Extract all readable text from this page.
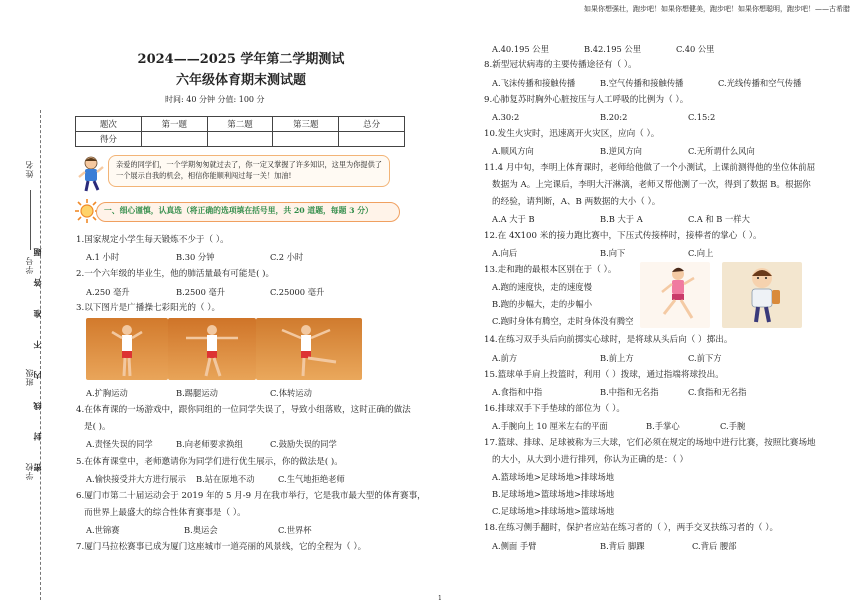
如果你想强壮，跑步吧！如果你想健美，跑步吧！如果你想聪明，跑步吧！——古希腊
姓名
学号
班级
学校
密 封 线 内 不 准 答 题
2024——2025 学年第二学期测试
六年级体育期末测试题
时间: 40 分钟 分值: 100 分
题次	第一题	第二题	第三题	总分
得分				
亲爱的同学们，一个学期匆匆就过去了，你一定又掌握了许多知识，这里为你提供了一个展示自我的机会，相信你能顺利闯过每一关！加油!
一、细心谨慎，认真选（将正确的选项填在括号里，共 20 道题，每题 3 分）
1.国家规定小学生每天锻炼不少于（ ）。
A.1 小时	B.30 分钟	C.2 小时
2.一个六年级的毕业生，他的肺活量最有可能是( )。
A.250 毫升	B.2500 毫升	C.25000 毫升
3.以下图片是广播操七彩阳光的（ ）。
A.扩胸运动	B.踢腿运动	C.体转运动
4.在体育课的一场游戏中，跟你同组的一位同学失误了，导致小组落败，这时正确的做法
是( )。
A.责怪失误的同学	B.向老师要求换组	C.鼓励失误的同学
5.在体育课堂中，老师邀请你为同学们进行优生展示，你的做法是( )。
A.愉快接受并大方进行展示 B.站在原地不动	C.生气地拒绝老师
6.厦门市第二十届运动会于 2019 年的 5 月-9 月在我市举行，它是我市最大型的体育赛事，
而世界上最盛大的综合性体育赛事是（ ）。
A.世锦赛	B.奥运会	C.世界杯
7.厦门马拉松赛事已成为厦门这座城市一道亮丽的风景线，它的全程为（ ）。
A.40.195 公里	B.42.195 公里	C.40 公里
8.新型冠状病毒的主要传播途径有（ ）。
A.飞沫传播和接触传播	B.空气传播和接触传播	C.光线传播和空气传播
9.心肺复苏时胸外心脏按压与人工呼吸的比例为（ ）。
A.30:2	B.20:2	C.15:2
10.发生火灾时，迅速离开火灾区，应向（ ）。
A.顺风方向	B.逆风方向	C.无所谓什么风向
11.4 月中旬，李明上体育课时，老师给他做了一个小测试，上课前测得他的坐位体前屈
数据为 A。上完课后，李明大汗淋漓，老师又帮他测了一次，得到了数据 B。根据你
的经验，请判断，A、B 两数据的大小（ ）。
A.A 大于 B	B.B 大于 A	C.A 和 B 一样大
12.在 4X100 米的接力跑比赛中，下压式传接棒时，接棒者的掌心（ ）。
A.向后	B.向下	C.向上
13.走和跑的最根本区别在于（ ）。
A.跑的速度快，走的速度慢
B.跑的步幅大，走的步幅小
C.跑时身体有腾空，走时身体没有腾空
14.在练习双手头后向前掷实心球时，是将球从头后向（ ）掷出。
A.前方	B.前上方	C.前下方
15.篮球单手肩上投篮时，利用（ ）拨球，通过指端将球投出。
A.食指和中指	B.中指和无名指	C.食指和无名指
16.排球双手下手垫球的部位为（ ）。
A.手腕向上 10 厘米左右的平面	B.手掌心	C.手腕
17.篮球、排球、足球被称为三大球，它们必须在规定的场地中进行比赛，按照比赛场地
的大小，从大到小进行排列，你认为正确的是：（ ）
A.篮球场地>足球场地>排球场地
B.足球场地>篮球场地>排球场地
C.足球场地>排球场地>篮球场地
18.在练习侧手翻时，保护者应站在练习者的（ ），两手交叉扶练习者的（ ）。
A.侧面 手臂	B.背后 脚踝	C.背后 腰部
1
